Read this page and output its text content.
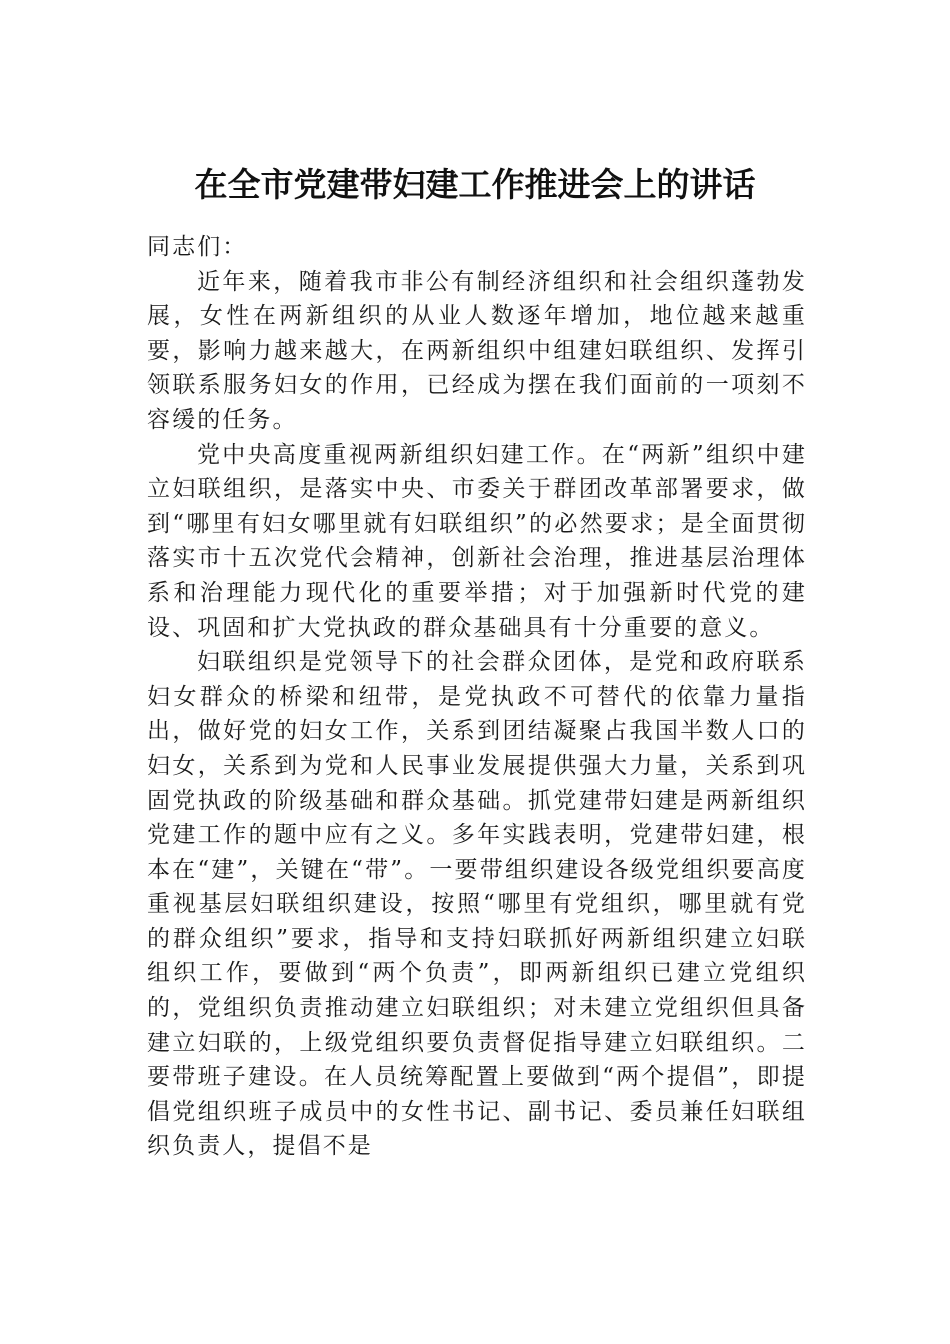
在全市党建带妇建工作推进会上的讲话

同志们：

近年来，随着我市非公有制经济组织和社会组织蓬勃发展，女性在两新组织的从业人数逐年增加，地位越来越重要，影响力越来越大，在两新组织中组建妇联组织、发挥引领联系服务妇女的作用，已经成为摆在我们面前的一项刻不容缓的任务。

党中央高度重视两新组织妇建工作。在“两新”组织中建立妇联组织，是落实中央、市委关于群团改革部署要求，做到“哪里有妇女哪里就有妇联组织”的必然要求；是全面贯彻落实市十五次党代会精神，创新社会治理，推进基层治理体系和治理能力现代化的重要举措；对于加强新时代党的建设、巩固和扩大党执政的群众基础具有十分重要的意义。

妇联组织是党领导下的社会群众团体，是党和政府联系妇女群众的桥梁和纽带，是党执政不可替代的依靠力量指出，做好党的妇女工作，关系到团结凝聚占我国半数人口的妇女，关系到为党和人民事业发展提供强大力量，关系到巩固党执政的阶级基础和群众基础。抓党建带妇建是两新组织党建工作的题中应有之义。多年实践表明，党建带妇建，根本在“建”，关键在“带”。一要带组织建设各级党组织要高度重视基层妇联组织建设，按照“哪里有党组织，哪里就有党的群众组织”要求，指导和支持妇联抓好两新组织建立妇联组织工作，要做到“两个负责”，即两新组织已建立党组织的，党组织负责推动建立妇联组织；对未建立党组织但具备建立妇联的，上级党组织要负责督促指导建立妇联组织。二要带班子建设。在人员统筹配置上要做到“两个提倡”，即提倡党组织班子成员中的女性书记、副书记、委员兼任妇联组织负责人，提倡不是
